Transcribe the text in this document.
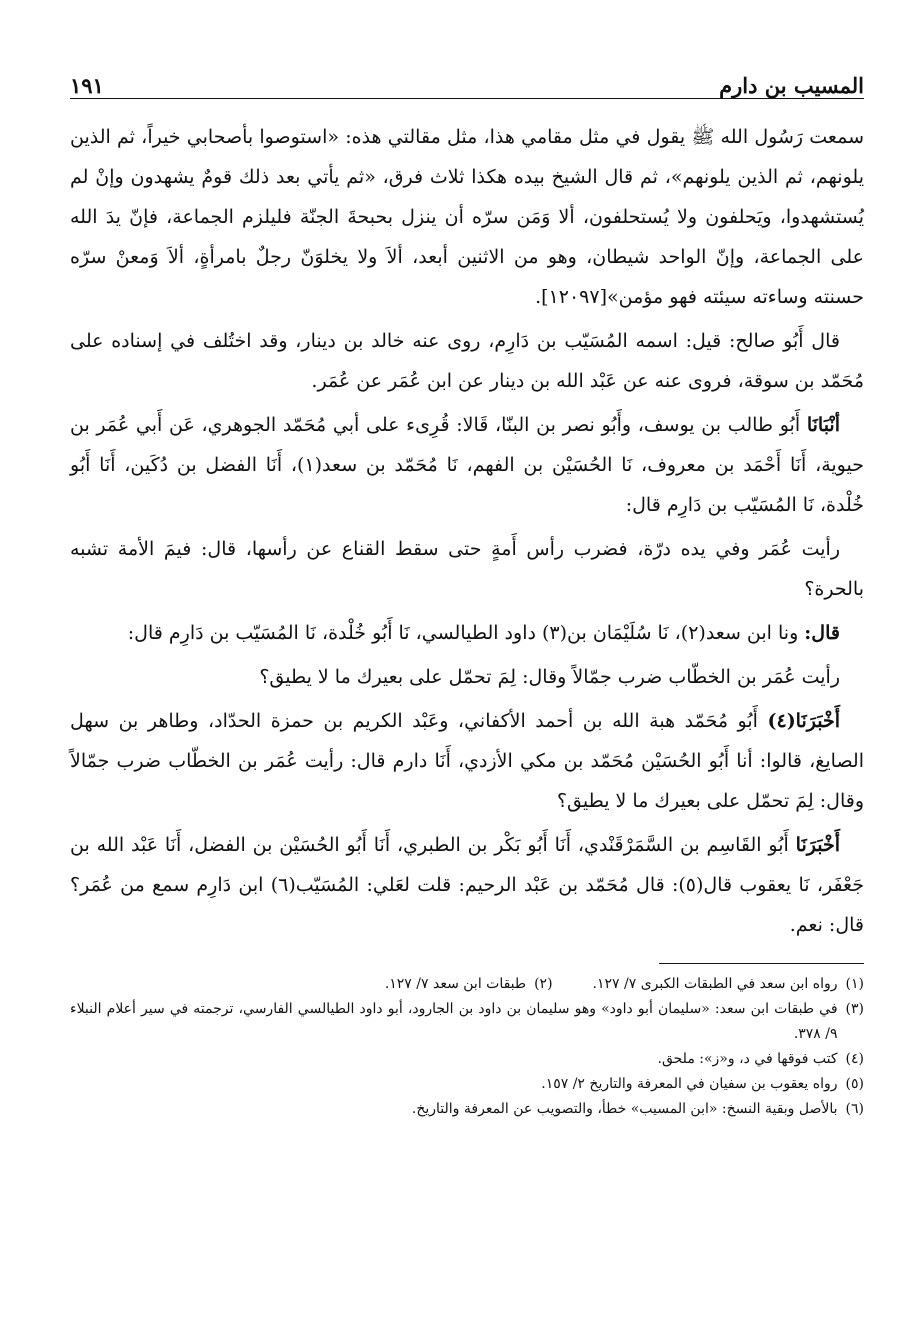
المسيب بن دارم
١٩١

سمعت رَسُول الله ﷺ يقول في مثل مقامي هذا، مثل مقالتي هذه: «استوصوا بأصحابي خيراً، ثم الذين يلونهم، ثم الذين يلونهم»، ثم قال الشيخ بيده هكذا ثلاث فرق، «ثم يأتي بعد ذلك قومٌ يشهدون وإنْ لم يُستشهدوا، ويَحلفون ولا يُستحلفون، ألا وَمَن سرّه أن ينزل بحبحةَ الجنّة فليلزم الجماعة، فإنّ يدَ الله على الجماعة، وإنّ الواحد شيطان، وهو من الاثنين أبعد، ألاَ ولا يخلوَنّ رجلٌ بامرأةٍ، ألاَ وَمعنْ سرّه حسنته وساءته سيئته فهو مؤمن»[١٢٠٩٧].

قال أَبُو صالح: قيل: اسمه المُسَيّب بن دَارِم، روى عنه خالد بن دينار، وقد اختُلف في إسناده على مُحَمّد بن سوقة، فروى عنه عن عَبْد الله بن دينار عن ابن عُمَر عن عُمَر.

أنْبَانَا أَبُو طالب بن يوسف، وأَبُو نصر بن البنّا، قَالا: قُرِىء على أبي مُحَمّد الجوهري، عَن أَبي عُمَر بن حيوية، أَنَا أَحْمَد بن معروف، نَا الحُسَيْن بن الفهم، نَا مُحَمّد بن سعد(١)، أَنَا الفضل بن دُكَين، أَنَا أَبُو خُلْدة، نَا المُسَيّب بن دَارِم قال:

رأيت عُمَر وفي يده درّة، فضرب رأس أَمةٍ حتى سقط القناع عن رأسها، قال: فيمَ الأمة تشبه بالحرة؟

قال: ونا ابن سعد(٢)، نَا سُلَيْمَان بن(٣) داود الطيالسي، نَا أَبُو خُلْدة، نَا المُسَيّب بن دَارِم قال:

رأيت عُمَر بن الخطّاب ضرب جمّالاً وقال: لِمَ تحمّل على بعيرك ما لا يطيق؟

أَخْبَرَنَا(٤) أَبُو مُحَمّد هبة الله بن أحمد الأكفاني، وعَبْد الكريم بن حمزة الحدّاد، وطاهر بن سهل الصايغ، قالوا: أنا أَبُو الحُسَيْن مُحَمّد بن مكي الأزدي، أَنَا دارم قال: رأيت عُمَر بن الخطّاب ضرب جمّالاً وقال: لِمَ تحمّل على بعيرك ما لا يطيق؟

أَخْبَرَنَا أَبُو القَاسِم بن السَّمَرْقَنْدي، أَنَا أَبُو بَكْر بن الطبري، أَنَا أَبُو الحُسَيْن بن الفضل، أَنَا عَبْد الله بن جَعْفَر، نَا يعقوب قال(٥): قال مُحَمّد بن عَبْد الرحيم: قلت لعَلي: المُسَيّب(٦) ابن دَارِم سمع من عُمَر؟ قال: نعم.

(١)
رواه ابن سعد في الطبقات الكبرى ٧/ ١٢٧.
(٢)
طبقات ابن سعد ٧/ ١٢٧.
(٣)
في طبقات ابن سعد: «سليمان أبو داود» وهو سليمان بن داود بن الجارود، أبو داود الطيالسي الفارسي، ترجمته في سير أعلام النبلاء ٩/ ٣٧٨.
(٤)
كتب فوقها في د، و«ز»: ملحق.
(٥)
رواه يعقوب بن سفيان في المعرفة والتاريخ ٢/ ١٥٧.
(٦)
بالأصل وبقية النسخ: «ابن المسيب» خطأ، والتصويب عن المعرفة والتاريخ.
